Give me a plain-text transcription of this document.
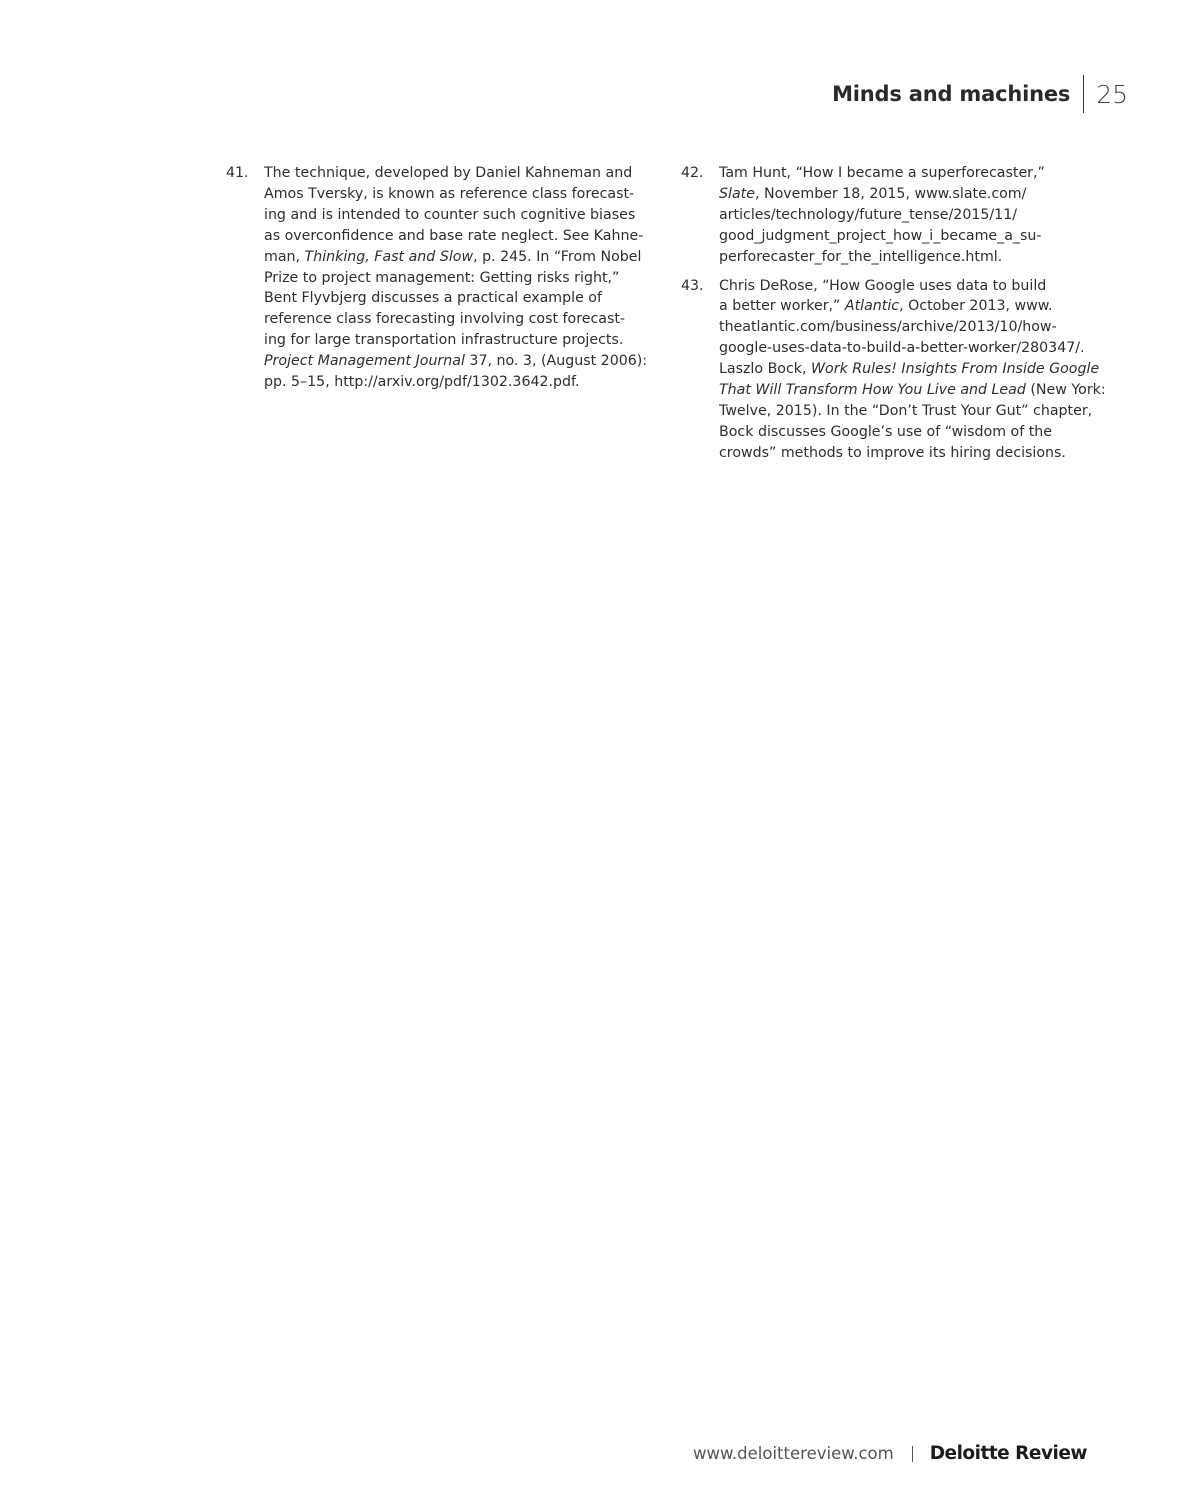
Minds and machines	25
41.	The technique, developed by Daniel Kahneman and
Amos Tversky, is known as reference class forecast-
ing and is intended to counter such cognitive biases
as overconfidence and base rate neglect. See Kahne-
man, Thinking, Fast and Slow, p. 245. In “From Nobel
Prize to project management: Getting risks right,”
Bent Flyvbjerg discusses a practical example of
reference class forecasting involving cost forecast-
ing for large transportation infrastructure projects.
Project Management Journal 37, no. 3, (August 2006):
pp. 5–15, http://arxiv.org/pdf/1302.3642.pdf.
42.	Tam Hunt, “How I became a superforecaster,”
Slate, November 18, 2015, www.slate.com/
articles/technology/future_tense/2015/11/
good_judgment_project_how_i_became_a_su-
perforecaster_for_the_intelligence.html.
43.	Chris DeRose, “How Google uses data to build
a better worker,” Atlantic, October 2013, www.
theatlantic.com/business/archive/2013/10/how-
google-uses-data-to-build-a-better-worker/280347/.
Laszlo Bock, Work Rules! Insights From Inside Google
That Will Transform How You Live and Lead (New York:
Twelve, 2015). In the “Don’t Trust Your Gut” chapter,
Bock discusses Google’s use of “wisdom of the
crowds” methods to improve its hiring decisions.
www.deloittereview.com	Deloitte Review
